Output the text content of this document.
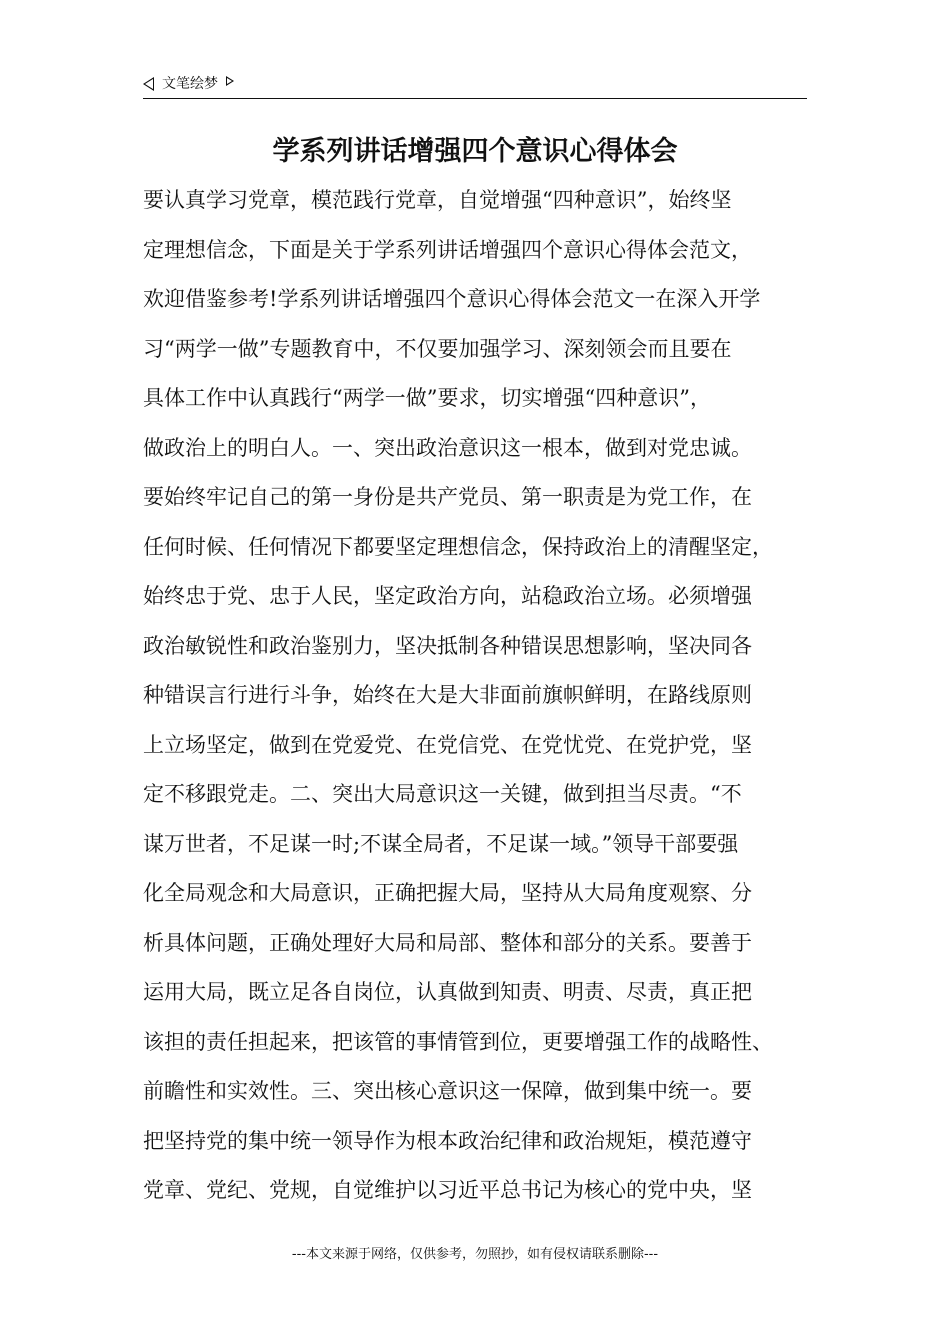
文笔绘梦
学系列讲话增强四个意识心得体会
要认真学习党章，模范践行党章，自觉增强“四种意识”，始终坚
定理想信念，下面是关于学系列讲话增强四个意识心得体会范文，
欢迎借鉴参考!学系列讲话增强四个意识心得体会范文一在深入开学
习“两学一做”专题教育中，不仅要加强学习、深刻领会而且要在
具体工作中认真践行“两学一做”要求，切实增强“四种意识”，
做政治上的明白人。一、突出政治意识这一根本，做到对党忠诚。
要始终牢记自己的第一身份是共产党员、第一职责是为党工作，在
任何时候、任何情况下都要坚定理想信念，保持政治上的清醒坚定，
始终忠于党、忠于人民，坚定政治方向，站稳政治立场。必须增强
政治敏锐性和政治鉴别力，坚决抵制各种错误思想影响，坚决同各
种错误言行进行斗争，始终在大是大非面前旗帜鲜明，在路线原则
上立场坚定，做到在党爱党、在党信党、在党忧党、在党护党，坚
定不移跟党走。二、突出大局意识这一关键，做到担当尽责。“不
谋万世者，不足谋一时;不谋全局者，不足谋一域。”领导干部要强
化全局观念和大局意识，正确把握大局，坚持从大局角度观察、分
析具体问题，正确处理好大局和局部、整体和部分的关系。要善于
运用大局，既立足各自岗位，认真做到知责、明责、尽责，真正把
该担的责任担起来，把该管的事情管到位，更要增强工作的战略性、
前瞻性和实效性。三、突出核心意识这一保障，做到集中统一。要
把坚持党的集中统一领导作为根本政治纪律和政治规矩，模范遵守
党章、党纪、党规，自觉维护以习近平总书记为核心的党中央，坚
---本文来源于网络，仅供参考，勿照抄，如有侵权请联系删除---
